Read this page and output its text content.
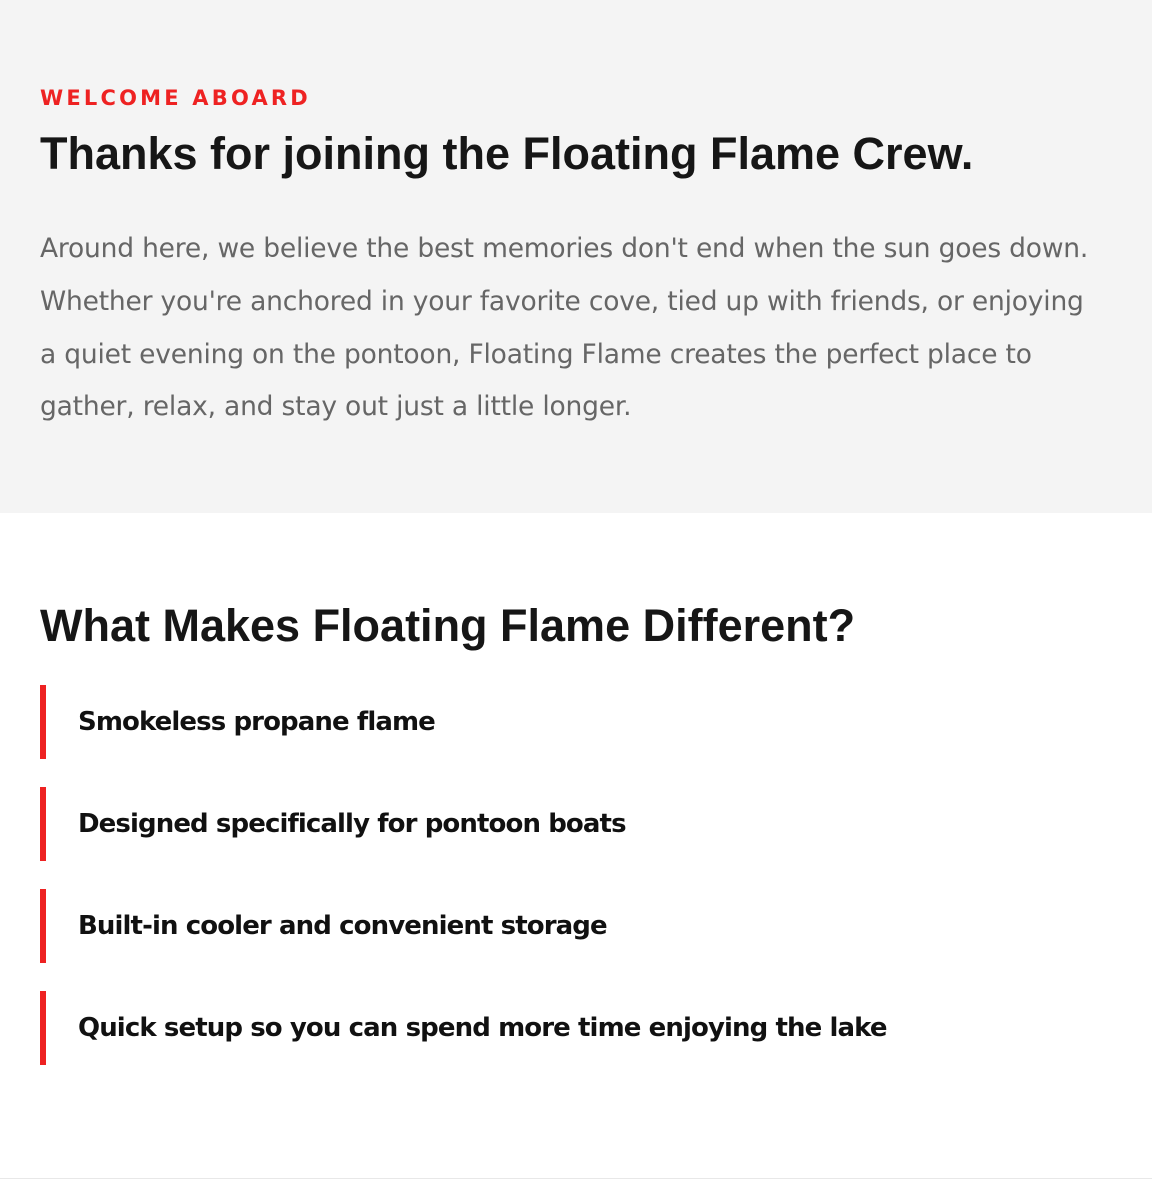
WELCOME ABOARD

Thanks for joining the Floating Flame Crew.

Around here, we believe the best memories don't end when the sun goes down. Whether you're anchored in your favorite cove, tied up with friends, or enjoying a quiet evening on the pontoon, Floating Flame creates the perfect place to gather, relax, and stay out just a little longer.

What Makes Floating Flame Different?
Smokeless propane flame
Designed specifically for pontoon boats
Built-in cooler and convenient storage
Quick setup so you can spend more time enjoying the lake
